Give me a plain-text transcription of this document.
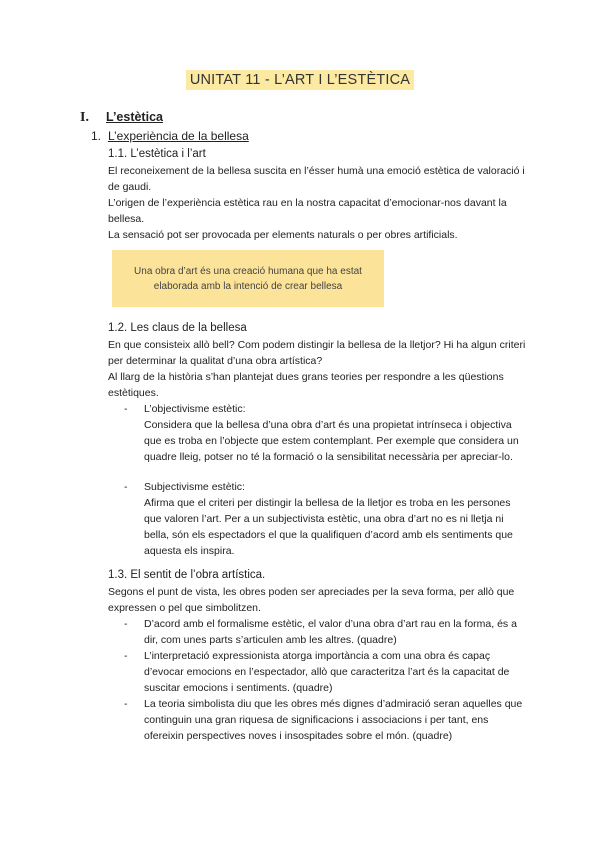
UNITAT 11 - L’ART I L’ESTÈTICA
I. L’estètica
1. L’experiència de la bellesa
1.1. L’estètica i l’art
El reconeixement de la bellesa suscita en l’ésser humà una emoció estètica de valoració i de gaudi.
L’origen de l’experiència estètica rau en la nostra capacitat d’emocionar-nos davant la bellesa.
La sensació pot ser provocada per elements naturals o per obres artificials.
Una obra d’art és una creació humana que ha estat elaborada amb la intenció de crear bellesa
1.2. Les claus de la bellesa
En que consisteix allò bell? Com podem distingir la bellesa de la lletjor? Hi ha algun criteri per determinar la qualitat d’una obra artística?
Al llarg de la història s’han plantejat dues grans teories per respondre a les qüestions estètiques.
-	L’objectivisme estètic:
Considera que la bellesa d’una obra d’art és una propietat intrínseca i objectiva que es troba en l’objecte que estem contemplant. Per exemple que considera un quadre lleig, potser no té la formació o la sensibilitat necessària per apreciar-lo.
-	Subjectivisme estètic:
Afirma que el criteri per distingir la bellesa de la lletjor es troba en les persones que valoren l’art. Per a un subjectivista estètic, una obra d’art no es ni lletja ni bella, són els espectadors el que la qualifiquen d’acord amb els sentiments que aquesta els inspira.
1.3. El sentit de l’obra artística.
Segons el punt de vista, les obres poden ser apreciades per la seva forma, per allò que expressen o pel que simbolitzen.
-	D’acord amb el formalisme estètic, el valor d’una obra d’art rau en la forma, és a dir, com unes parts s’articulen amb les altres. (quadre)
-	L’interpretació expressionista atorga importància a com una obra és capaç d’evocar emocions en l’espectador, allò que caracteritza l’art és la capacitat de suscitar emocions i sentiments. (quadre)
-	La teoria simbolista diu que les obres més dignes d’admiració seran aquelles que continguin una gran riquesa de significacions i associacions i per tant, ens ofereixin perspectives noves i insospitades sobre el món. (quadre)
